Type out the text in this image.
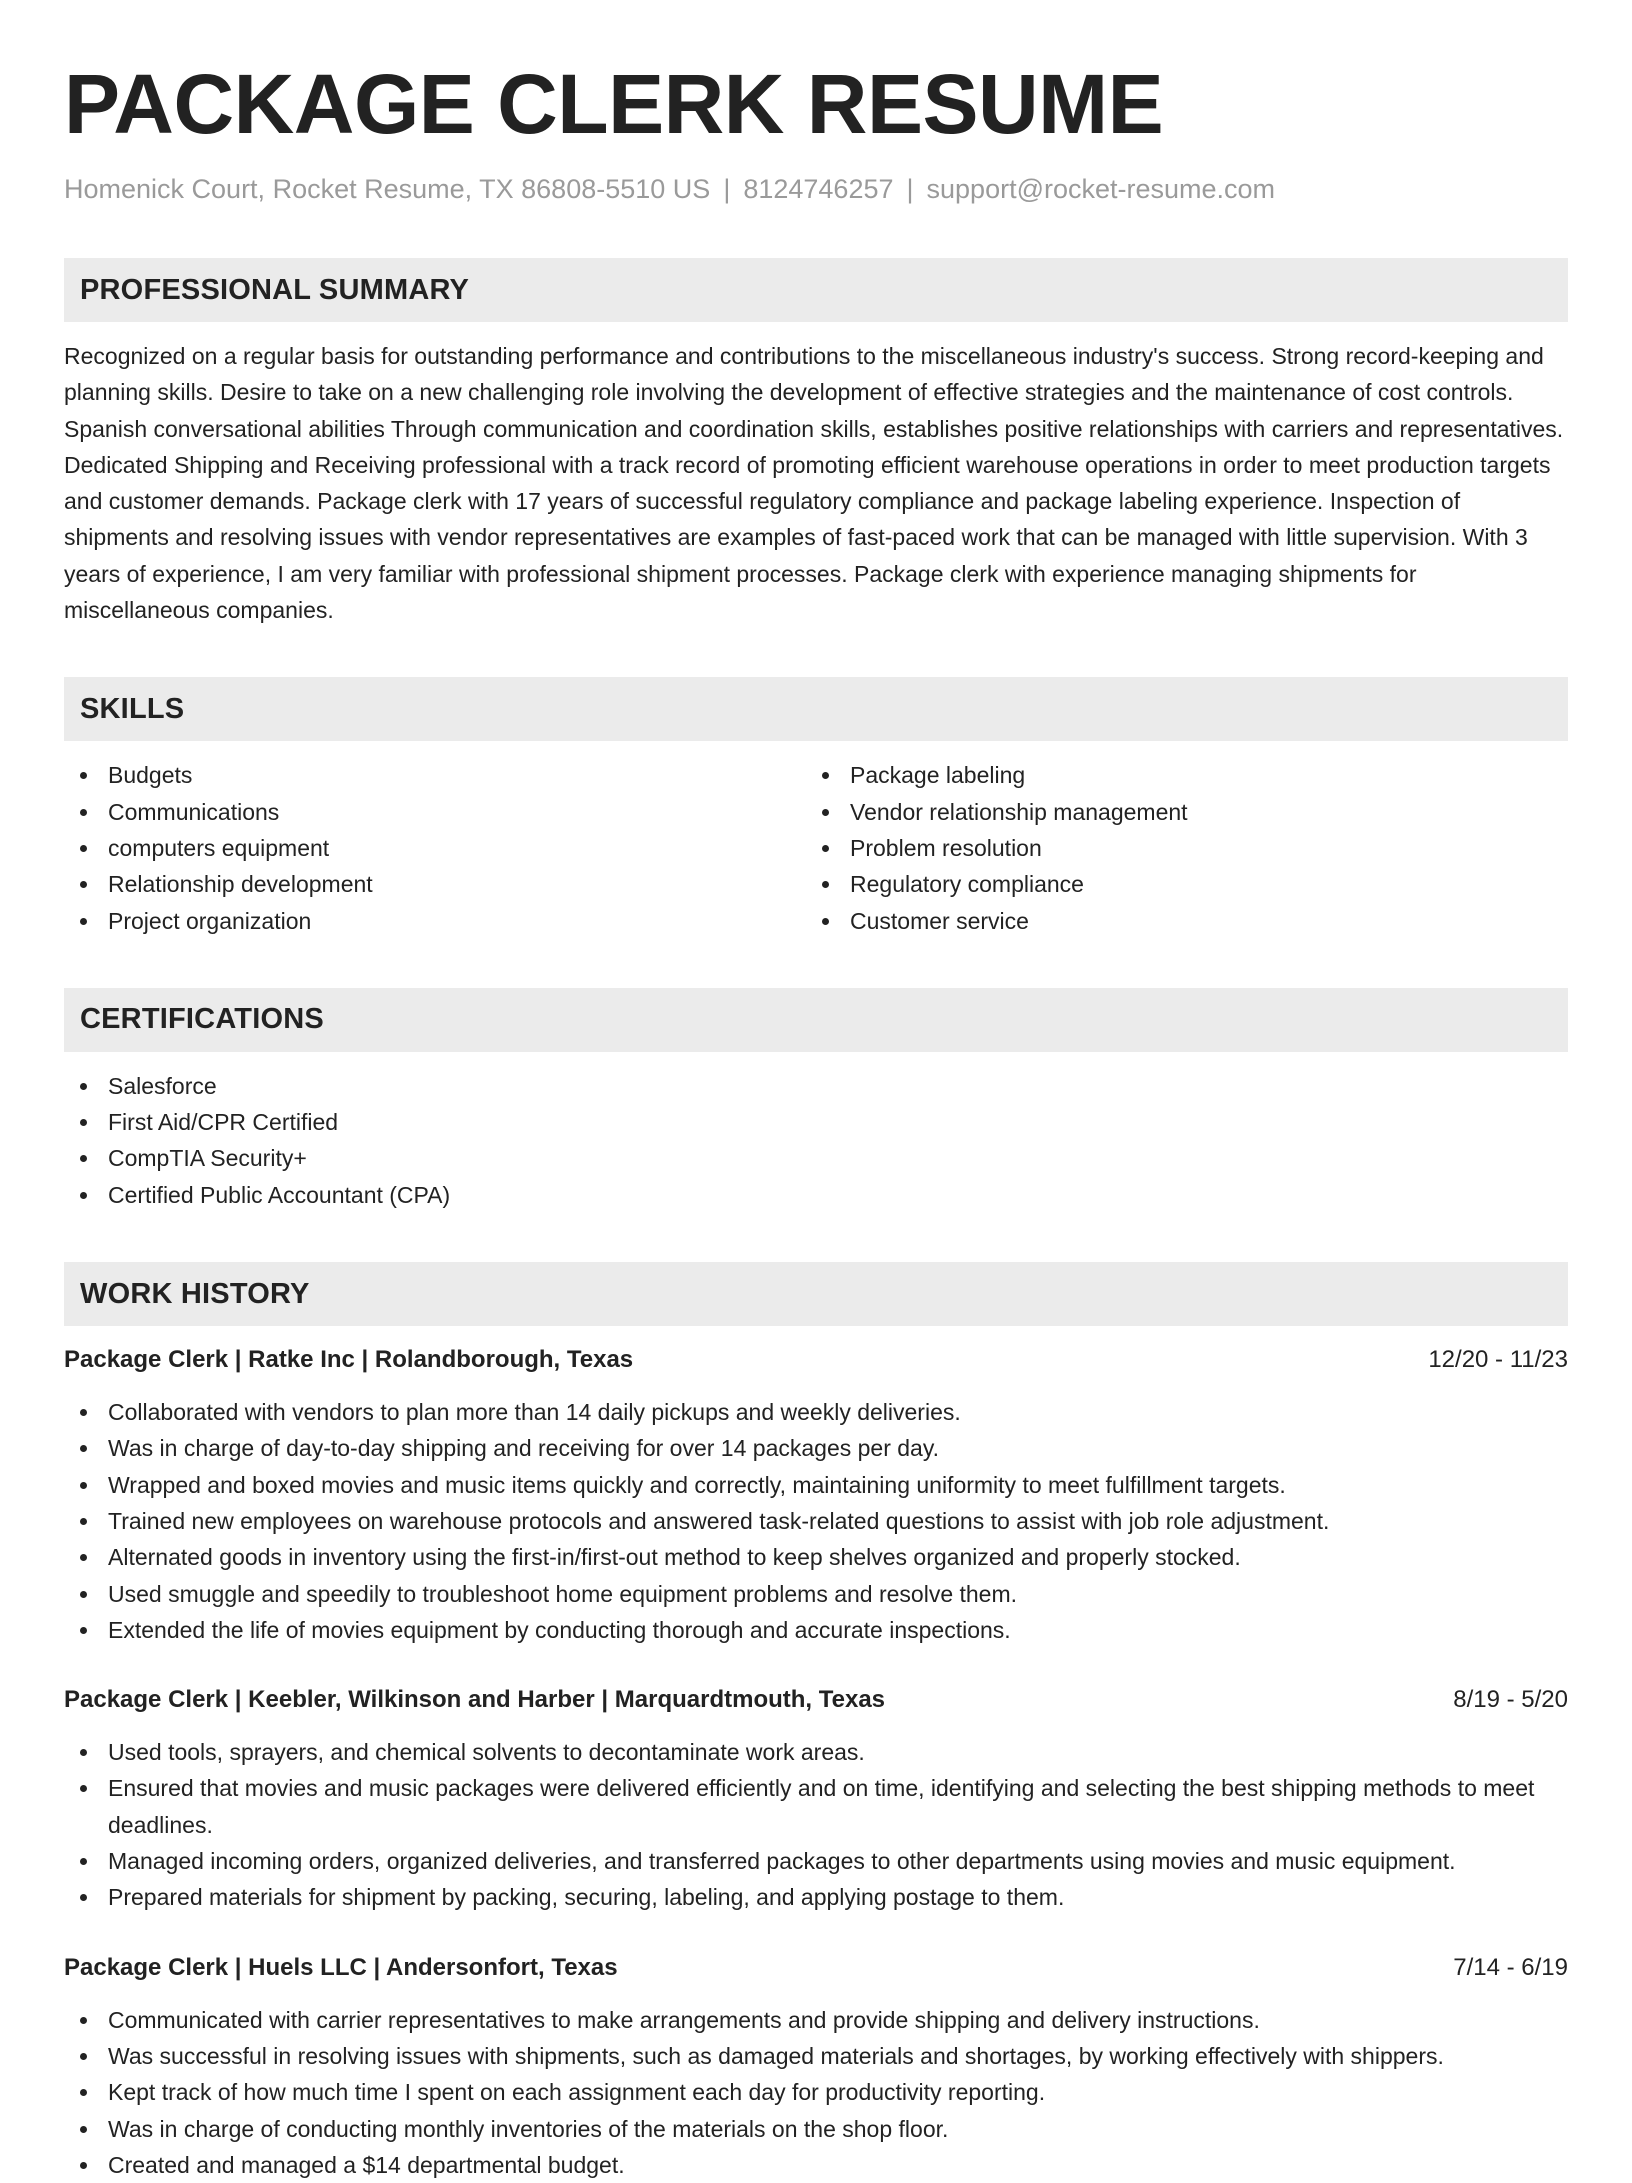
PACKAGE CLERK RESUME
Homenick Court, Rocket Resume, TX 86808-5510 US | 8124746257 | support@rocket-resume.com
PROFESSIONAL SUMMARY
Recognized on a regular basis for outstanding performance and contributions to the miscellaneous industry's success. Strong record-keeping and planning skills. Desire to take on a new challenging role involving the development of effective strategies and the maintenance of cost controls. Spanish conversational abilities Through communication and coordination skills, establishes positive relationships with carriers and representatives. Dedicated Shipping and Receiving professional with a track record of promoting efficient warehouse operations in order to meet production targets and customer demands. Package clerk with 17 years of successful regulatory compliance and package labeling experience. Inspection of shipments and resolving issues with vendor representatives are examples of fast-paced work that can be managed with little supervision. With 3 years of experience, I am very familiar with professional shipment processes. Package clerk with experience managing shipments for miscellaneous companies.
SKILLS
Budgets
Communications
computers equipment
Relationship development
Project organization
Package labeling
Vendor relationship management
Problem resolution
Regulatory compliance
Customer service
CERTIFICATIONS
Salesforce
First Aid/CPR Certified
CompTIA Security+
Certified Public Accountant (CPA)
WORK HISTORY
Package Clerk | Ratke Inc | Rolandborough, Texas	12/20 - 11/23
Collaborated with vendors to plan more than 14 daily pickups and weekly deliveries.
Was in charge of day-to-day shipping and receiving for over 14 packages per day.
Wrapped and boxed movies and music items quickly and correctly, maintaining uniformity to meet fulfillment targets.
Trained new employees on warehouse protocols and answered task-related questions to assist with job role adjustment.
Alternated goods in inventory using the first-in/first-out method to keep shelves organized and properly stocked.
Used smuggle and speedily to troubleshoot home equipment problems and resolve them.
Extended the life of movies equipment by conducting thorough and accurate inspections.
Package Clerk | Keebler, Wilkinson and Harber | Marquardtmouth, Texas	8/19 - 5/20
Used tools, sprayers, and chemical solvents to decontaminate work areas.
Ensured that movies and music packages were delivered efficiently and on time, identifying and selecting the best shipping methods to meet deadlines.
Managed incoming orders, organized deliveries, and transferred packages to other departments using movies and music equipment.
Prepared materials for shipment by packing, securing, labeling, and applying postage to them.
Package Clerk | Huels LLC | Andersonfort, Texas	7/14 - 6/19
Communicated with carrier representatives to make arrangements and provide shipping and delivery instructions.
Was successful in resolving issues with shipments, such as damaged materials and shortages, by working effectively with shippers.
Kept track of how much time I spent on each assignment each day for productivity reporting.
Was in charge of conducting monthly inventories of the materials on the shop floor.
Created and managed a $14 departmental budget.
